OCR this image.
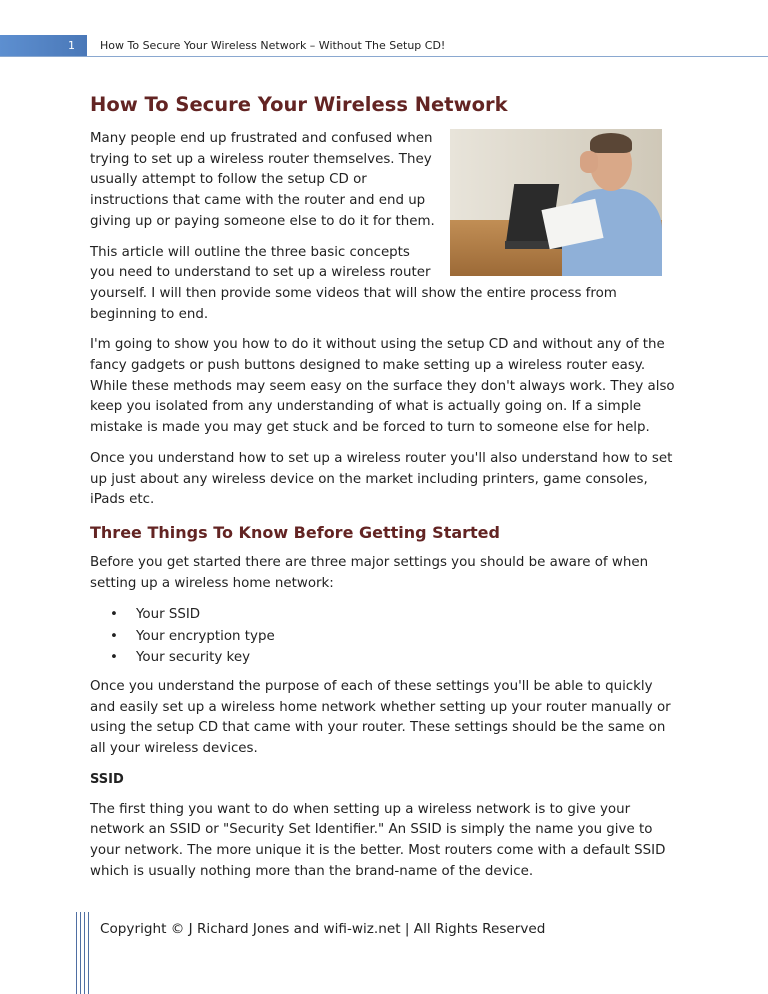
1	How To Secure Your Wireless Network – Without The Setup CD!
How To Secure Your Wireless Network

Many people end up frustrated and confused when trying to set up a wireless router themselves. They usually attempt to follow the setup CD or instructions that came with the router and end up giving up or paying someone else to do it for them.

This article will outline the three basic concepts you need to understand to set up a wireless router yourself. I will then provide some videos that will show the entire process from beginning to end.

I'm going to show you how to do it without using the setup CD and without any of the fancy gadgets or push buttons designed to make setting up a wireless router easy. While these methods may seem easy on the surface they don't always work. They also keep you isolated from any understanding of what is actually going on. If a simple mistake is made you may get stuck and be forced to turn to someone else for help.

Once you understand how to set up a wireless router you'll also understand how to set up just about any wireless device on the market including printers, game consoles, iPads etc.

Three Things To Know Before Getting Started

Before you get started there are three major settings you should be aware of when setting up a wireless home network:

• Your SSID
• Your encryption type
• Your security key

Once you understand the purpose of each of these settings you'll be able to quickly and easily set up a wireless home network whether setting up your router manually or using the setup CD that came with your router. These settings should be the same on all your wireless devices.

SSID

The first thing you want to do when setting up a wireless network is to give your network an SSID or "Security Set Identifier." An SSID is simply the name you give to your network. The more unique it is the better. Most routers come with a default SSID which is usually nothing more than the brand-name of the device.

Copyright © J Richard Jones and wifi-wiz.net | All Rights Reserved
